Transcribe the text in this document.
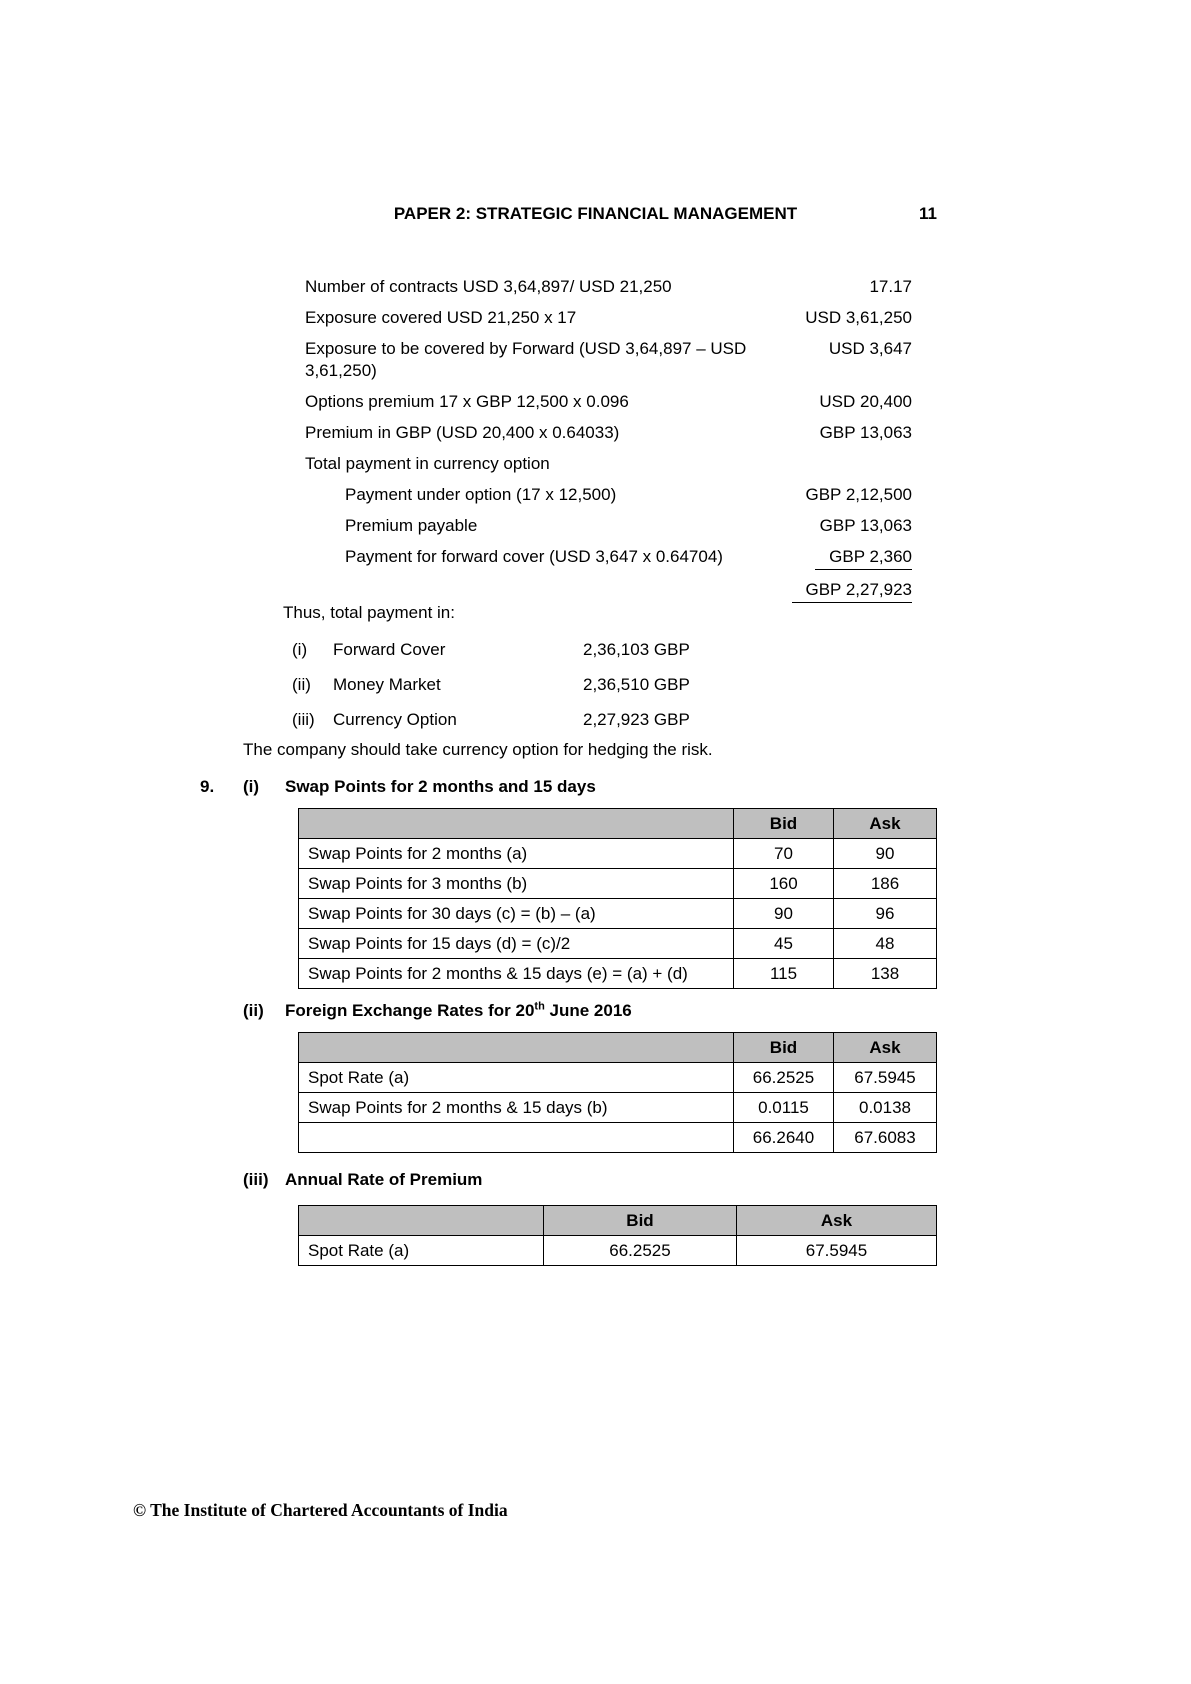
PAPER 2: STRATEGIC FINANCIAL MANAGEMENT	11
Number of contracts USD 3,64,897/ USD 21,250	17.17
Exposure covered USD 21,250 x 17	USD 3,61,250
Exposure to be covered by Forward (USD 3,64,897 – USD 3,61,250)
USD 3,647
Options premium 17 x GBP 12,500 x 0.096	USD 20,400
Premium in GBP (USD 20,400 x 0.64033)	GBP 13,063
Total payment in currency option
Payment under option (17 x 12,500)	GBP 2,12,500
Premium payable	GBP 13,063
Payment for forward cover (USD 3,647 x 0.64704)	GBP 2,360
GBP 2,27,923
Thus, total payment in:
(i)	Forward Cover	2,36,103 GBP
(ii)	Money Market	2,36,510 GBP
(iii)	Currency Option	2,27,923 GBP
The company should take currency option for hedging the risk.
9.	(i)	Swap Points for 2 months and 15 days
	Bid	Ask
Swap Points for 2 months (a)	70	90
Swap Points for 3 months (b)	160	186
Swap Points for 30 days (c) = (b) – (a)	90	96
Swap Points for 15 days (d) = (c)/2	45	48
Swap Points for 2 months & 15 days (e) = (a) + (d)	115	138
(ii)	Foreign Exchange Rates for 20th June 2016
	Bid	Ask
Spot Rate (a)	66.2525	67.5945
Swap Points for 2 months & 15 days (b)	0.0115	0.0138
	66.2640	67.6083
(iii) Annual Rate of Premium
	Bid	Ask
Spot Rate (a)	66.2525	67.5945
© The Institute of Chartered Accountants of India
